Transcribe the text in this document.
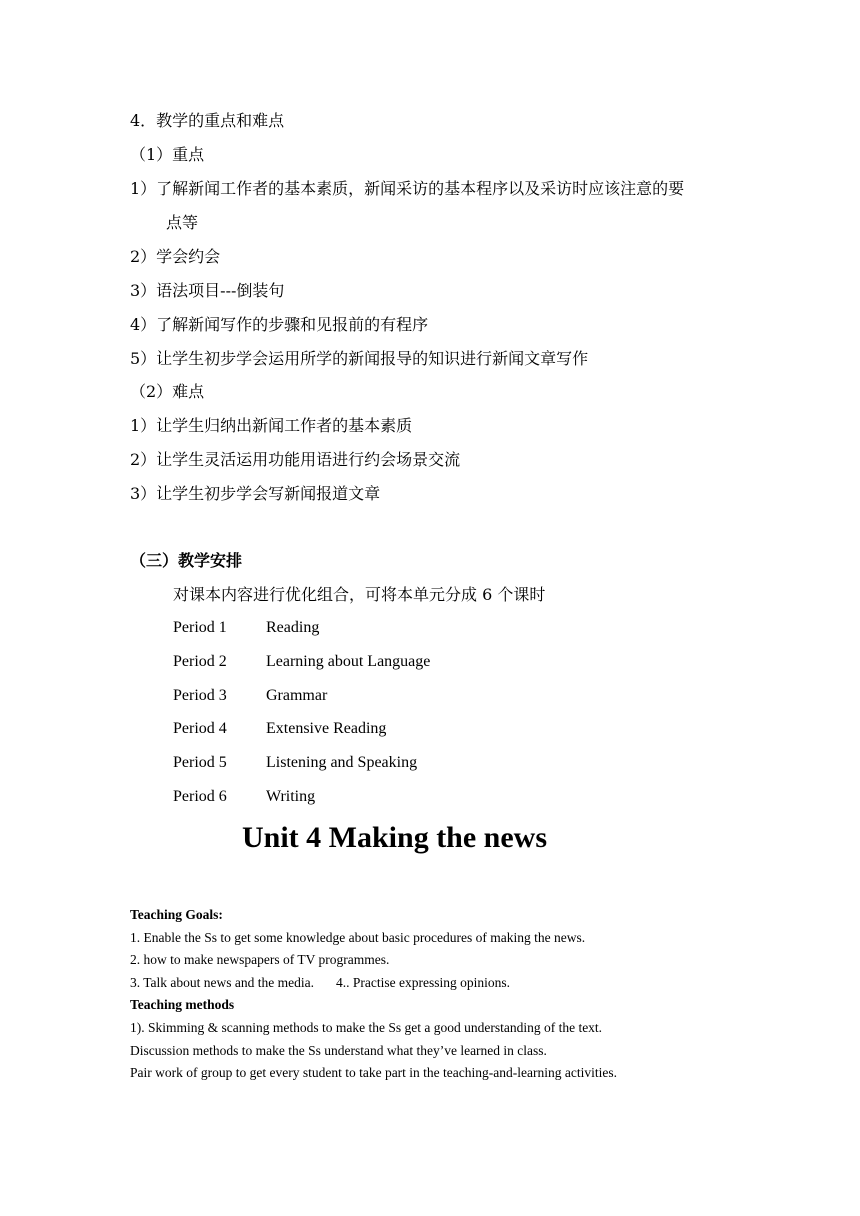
4．教学的重点和难点
（1）重点
1）了解新闻工作者的基本素质，新闻采访的基本程序以及采访时应该注意的要
点等
2）学会约会
3）语法项目---倒装句
4）了解新闻写作的步骤和见报前的有程序
5）让学生初步学会运用所学的新闻报导的知识进行新闻文章写作
（2）难点
1）让学生归纳出新闻工作者的基本素质
2）让学生灵活运用功能用语进行约会场景交流
3）让学生初步学会写新闻报道文章
（三）教学安排
对课本内容进行优化组合，可将本单元分成 6 个课时
Period 1 Reading
Period 2 Learning about Language
Period 3 Grammar
Period 4 Extensive Reading
Period 5 Listening and Speaking
Period 6 Writing
Unit 4 Making the news
Teaching Goals:
1. Enable the Ss to get some knowledge about basic procedures of making the news.
2. how to make newspapers of TV programmes.
3. Talk about news and the media. 4.. Practise expressing opinions.
Teaching methods
1). Skimming & scanning methods to make the Ss get a good understanding of the text.
Discussion methods to make the Ss understand what they’ve learned in class.
Pair work of group to get every student to take part in the teaching-and-learning activities.
